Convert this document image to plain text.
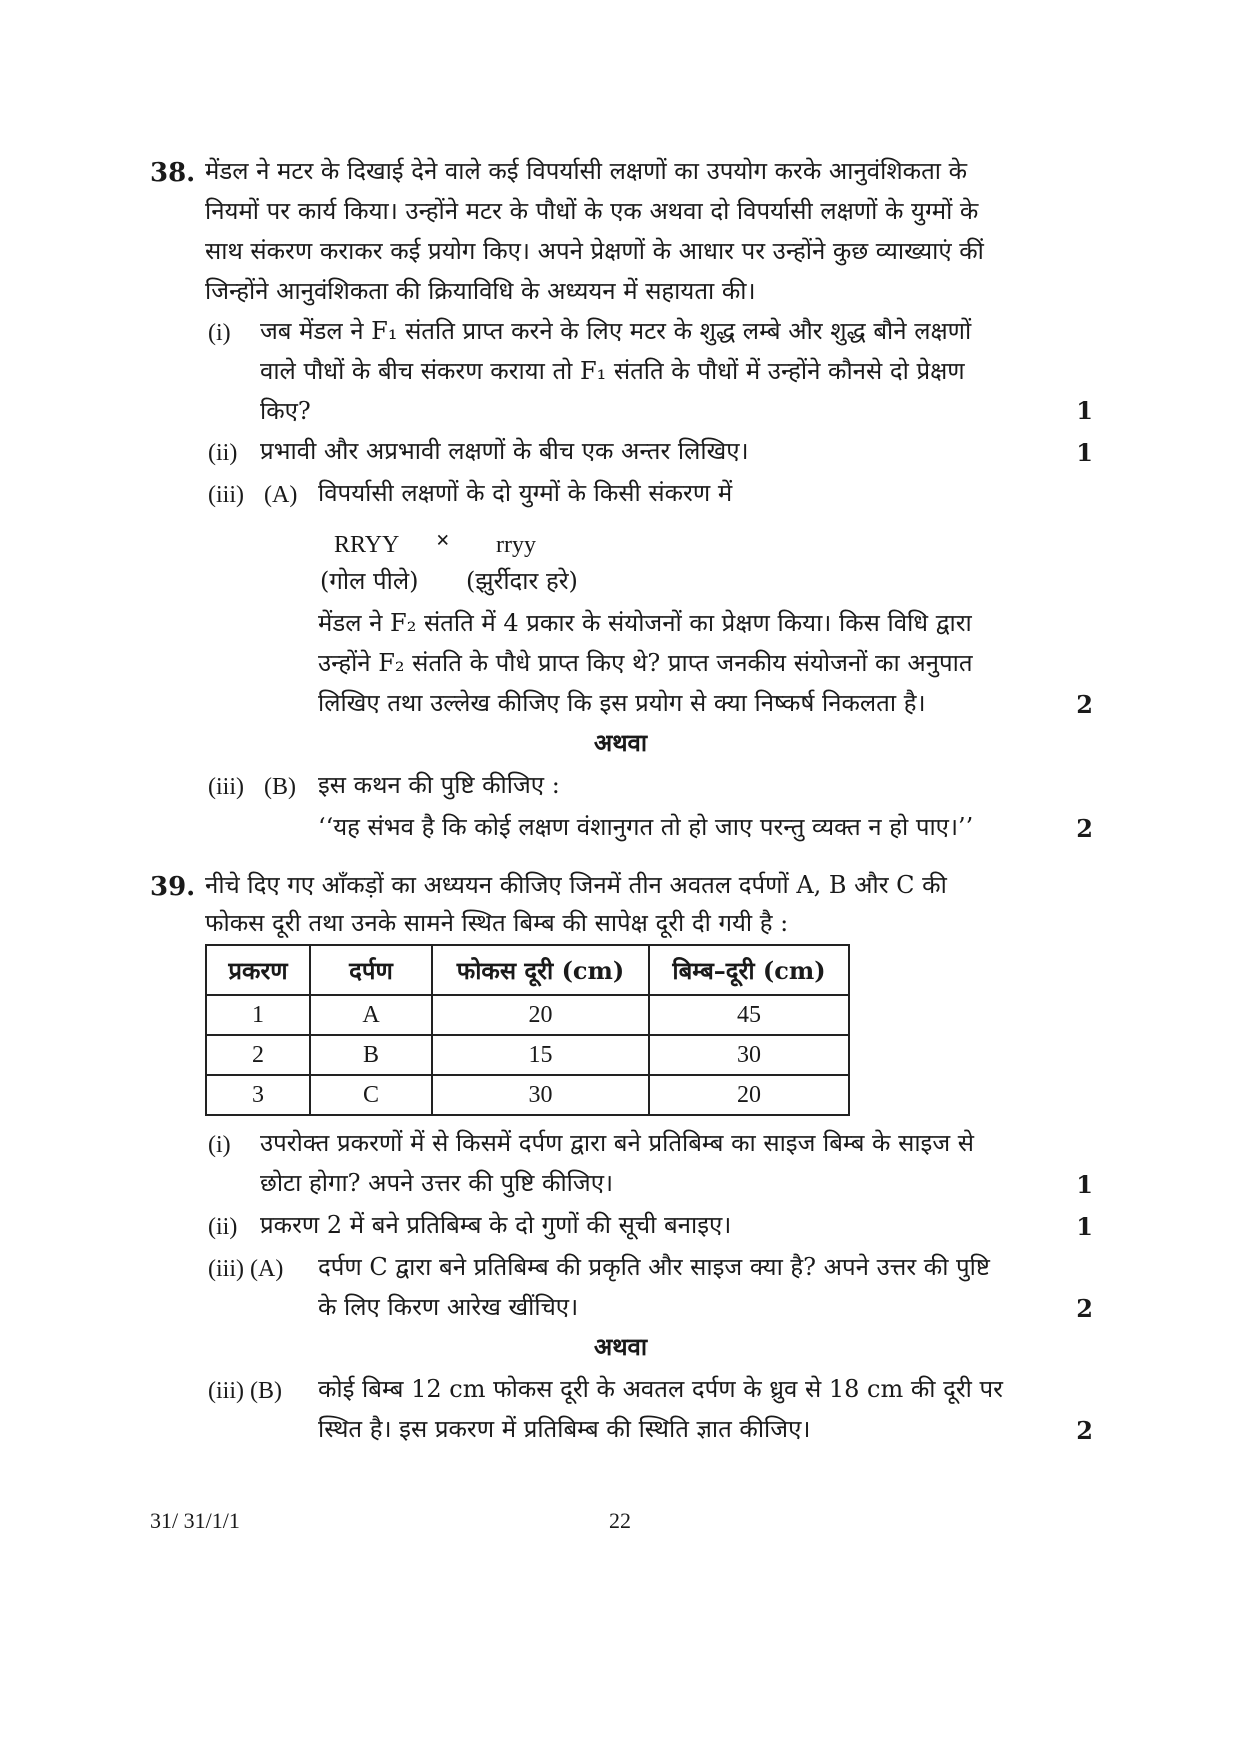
38. मेंडल ने मटर के दिखाई देने वाले कई विपर्यासी लक्षणों का उपयोग करके आनुवंशिकता के
नियमों पर कार्य किया। उन्होंने मटर के पौधों के एक अथवा दो विपर्यासी लक्षणों के युग्मों के
साथ संकरण कराकर कई प्रयोग किए। अपने प्रेक्षणों के आधार पर उन्होंने कुछ व्याख्याएं कीं
जिन्होंने आनुवंशिकता की क्रियाविधि के अध्ययन में सहायता की।
(i) जब मेंडल ने F₁ संतति प्राप्त करने के लिए मटर के शुद्ध लम्बे और शुद्ध बौने लक्षणों
वाले पौधों के बीच संकरण कराया तो F₁ संतति के पौधों में उन्होंने कौनसे दो प्रेक्षण
किए?	1
(ii) प्रभावी और अप्रभावी लक्षणों के बीच एक अन्तर लिखिए।	1
(iii) (A) विपर्यासी लक्षणों के दो युग्मों के किसी संकरण में
RRYY × rryy
(गोल पीले) (झुर्रीदार हरे)
मेंडल ने F₂ संतति में 4 प्रकार के संयोजनों का प्रेक्षण किया। किस विधि द्वारा
उन्होंने F₂ संतति के पौधे प्राप्त किए थे? प्राप्त जनकीय संयोजनों का अनुपात
लिखिए तथा उल्लेख कीजिए कि इस प्रयोग से क्या निष्कर्ष निकलता है।	2
अथवा
(iii) (B) इस कथन की पुष्टि कीजिए :
‘‘यह संभव है कि कोई लक्षण वंशानुगत तो हो जाए परन्तु व्यक्त न हो पाए।’’	2
39. नीचे दिए गए आँकड़ों का अध्ययन कीजिए जिनमें तीन अवतल दर्पणों A, B और C की
फोकस दूरी तथा उनके सामने स्थित बिम्ब की सापेक्ष दूरी दी गयी है :
प्रकरण	दर्पण	फोकस दूरी (cm)	बिम्ब–दूरी (cm)
1	A	20	45
2	B	15	30
3	C	30	20
(i) उपरोक्त प्रकरणों में से किसमें दर्पण द्वारा बने प्रतिबिम्ब का साइज बिम्ब के साइज से
छोटा होगा? अपने उत्तर की पुष्टि कीजिए।	1
(ii) प्रकरण 2 में बने प्रतिबिम्ब के दो गुणों की सूची बनाइए।	1
(iii) (A) दर्पण C द्वारा बने प्रतिबिम्ब की प्रकृति और साइज क्या है? अपने उत्तर की पुष्टि
के लिए किरण आरेख खींचिए।	2
अथवा
(iii) (B) कोई बिम्ब 12 cm फोकस दूरी के अवतल दर्पण के ध्रुव से 18 cm की दूरी पर
स्थित है। इस प्रकरण में प्रतिबिम्ब की स्थिति ज्ञात कीजिए।	2
31/ 31/1/1	22
